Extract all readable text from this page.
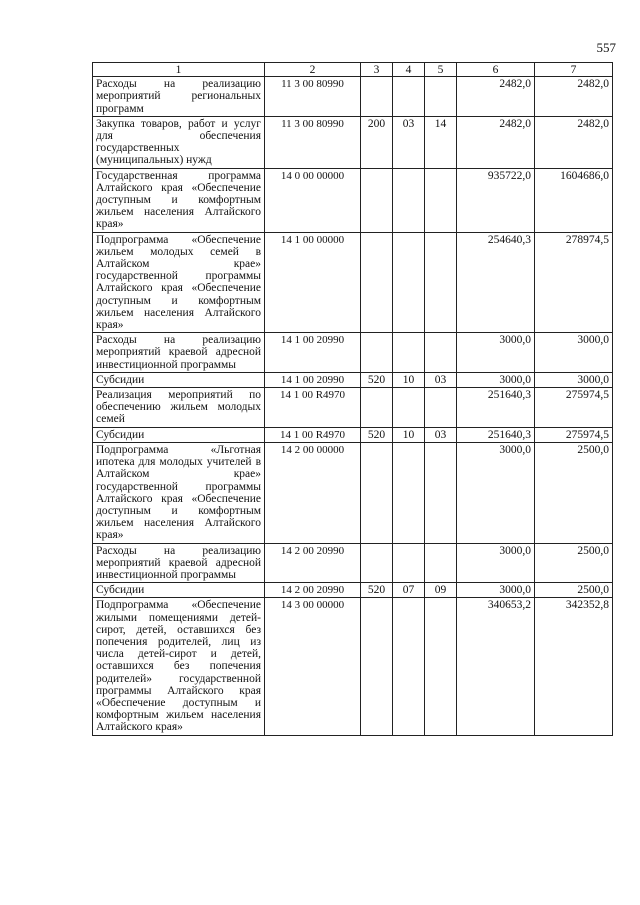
557
1	2	3	4	5	6	7
Расходы на реализацию мероприятий региональных программ	11 3 00 80990				2482,0	2482,0
Закупка товаров, работ и услуг для обеспечения государственных (муниципальных) нужд	11 3 00 80990	200	03	14	2482,0	2482,0
Государственная программа Алтайского края «Обеспечение доступным и комфортным жильем населения Алтайского края»	14 0 00 00000				935722,0	1604686,0
Подпрограмма «Обеспечение жильем молодых семей в Алтайском крае» государственной программы Алтайского края «Обеспечение доступным и комфортным жильем населения Алтайского края»	14 1 00 00000				254640,3	278974,5
Расходы на реализацию мероприятий краевой адресной инвестиционной программы	14 1 00 20990				3000,0	3000,0
Субсидии	14 1 00 20990	520	10	03	3000,0	3000,0
Реализация мероприятий по обеспечению жильем молодых семей	14 1 00 R4970				251640,3	275974,5
Субсидии	14 1 00 R4970	520	10	03	251640,3	275974,5
Подпрограмма «Льготная ипотека для молодых учителей в Алтайском крае» государственной программы Алтайского края «Обеспечение доступным и комфортным жильем населения Алтайского края»	14 2 00 00000				3000,0	2500,0
Расходы на реализацию мероприятий краевой адресной инвестиционной программы	14 2 00 20990				3000,0	2500,0
Субсидии	14 2 00 20990	520	07	09	3000,0	2500,0
Подпрограмма «Обеспечение жилыми помещениями детей-сирот, детей, оставшихся без попечения родителей, лиц из числа детей-сирот и детей, оставшихся без попечения родителей» государственной программы Алтайского края «Обеспечение доступным и комфортным жильем населения Алтайского края»	14 3 00 00000				340653,2	342352,8
